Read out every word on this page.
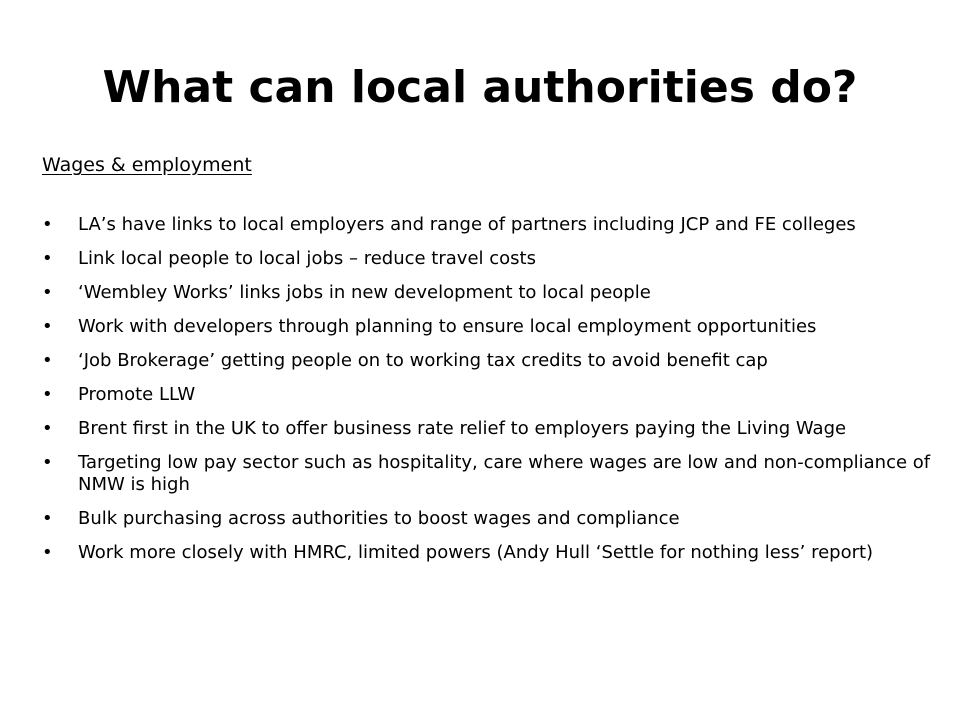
What can local authorities do?

Wages & employment

• LA’s have links to local employers and range of partners including JCP and FE colleges
• Link local people to local jobs – reduce travel costs
• ‘Wembley Works’ links jobs in new development to local people
• Work with developers through planning to ensure local employment opportunities
• ‘Job Brokerage’ getting people on to working tax credits to avoid benefit cap
• Promote LLW
• Brent first in the UK to offer business rate relief to employers paying the Living Wage
• Targeting low pay sector such as hospitality, care where wages are low and non-compliance of NMW is high
• Bulk purchasing across authorities to boost wages and compliance
• Work more closely with HMRC, limited powers (Andy Hull ‘Settle for nothing less’ report)
